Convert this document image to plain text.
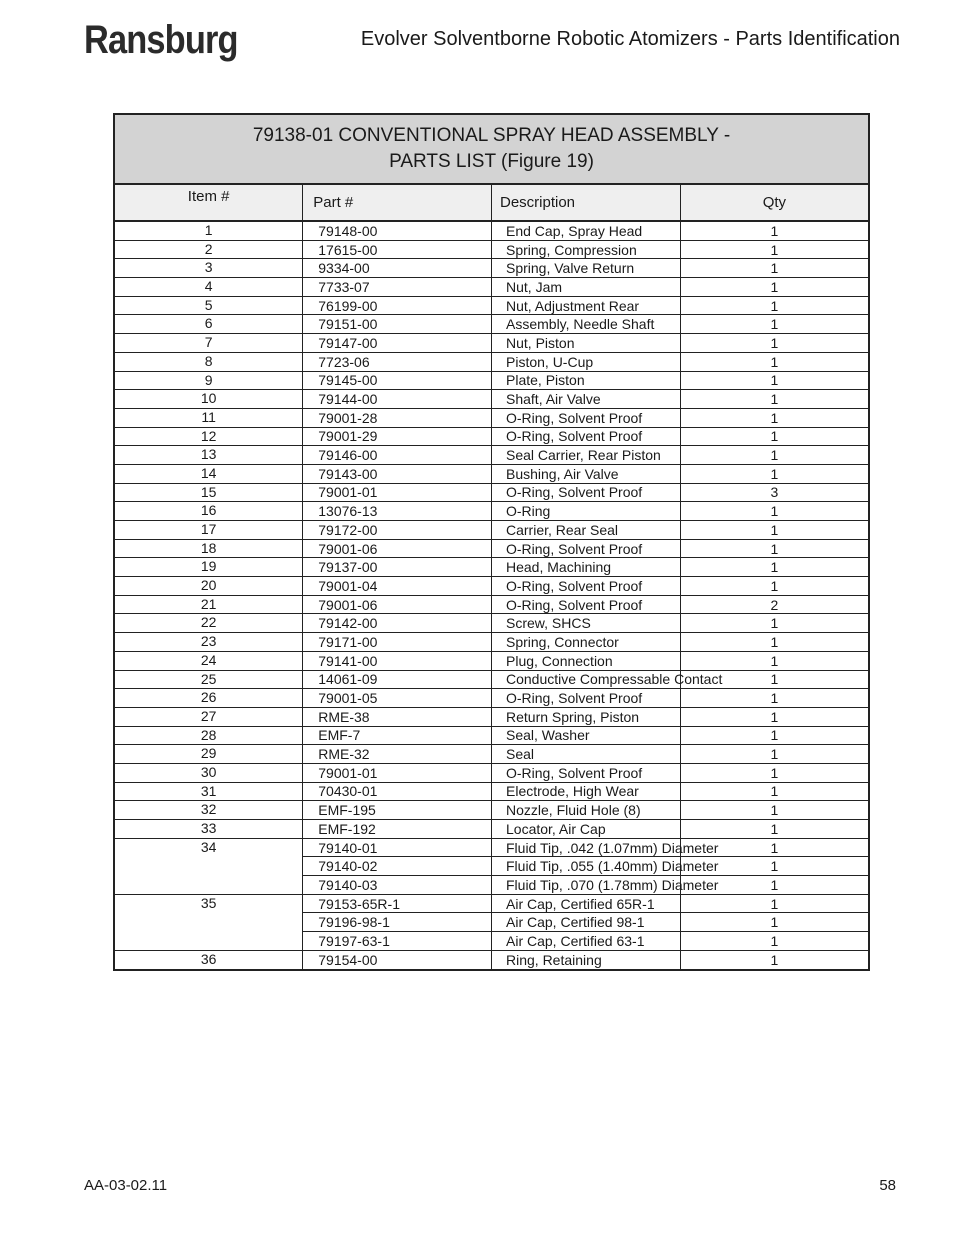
Ransburg	Evolver Solventborne Robotic Atomizers - Parts Identification
79138-01 CONVENTIONAL SPRAY HEAD ASSEMBLY -
PARTS LIST (Figure 19)			

Item #	Part #	Description	Qty
1	79148-00	End Cap, Spray Head	1
2	17615-00	Spring, Compression	1
3	9334-00	Spring, Valve Return	1
4	7733-07	Nut, Jam	1
5	76199-00	Nut, Adjustment Rear	1
6	79151-00	Assembly, Needle Shaft	1
7	79147-00	Nut, Piston	1
8	7723-06	Piston, U-Cup	1
9	79145-00	Plate, Piston	1
10	79144-00	Shaft, Air Valve	1
11	79001-28	O-Ring, Solvent Proof	1
12	79001-29	O-Ring, Solvent Proof	1
13	79146-00	Seal Carrier, Rear Piston	1
14	79143-00	Bushing, Air Valve	1
15	79001-01	O-Ring, Solvent Proof	3
16	13076-13	O-Ring	1
17	79172-00	Carrier, Rear Seal	1
18	79001-06	O-Ring, Solvent Proof	1
19	79137-00	Head, Machining	1
20	79001-04	O-Ring, Solvent Proof	1
21	79001-06	O-Ring, Solvent Proof	2
22	79142-00	Screw, SHCS	1
23	79171-00	Spring, Connector	1
24	79141-00	Plug, Connection	1
25	14061-09	Conductive Compressable Contact	1
26	79001-05	O-Ring, Solvent Proof	1
27	RME-38	Return Spring, Piston	1
28	EMF-7	Seal, Washer	1
29	RME-32	Seal	1
30	79001-01	O-Ring, Solvent Proof	1
31	70430-01	Electrode, High Wear	1
32	EMF-195	Nozzle, Fluid Hole (8)	1
33	EMF-192	Locator, Air Cap	1
34	79140-01	Fluid Tip, .042 (1.07mm) Diameter	1
	79140-02	Fluid Tip, .055 (1.40mm) Diameter	1
	79140-03	Fluid Tip, .070 (1.78mm) Diameter	1
35	79153-65R-1	Air Cap, Certified 65R-1	1
	79196-98-1	Air Cap, Certified 98-1	1
	79197-63-1	Air Cap, Certified 63-1	1
36	79154-00	Ring, Retaining	1
AA-03-02.11	58
